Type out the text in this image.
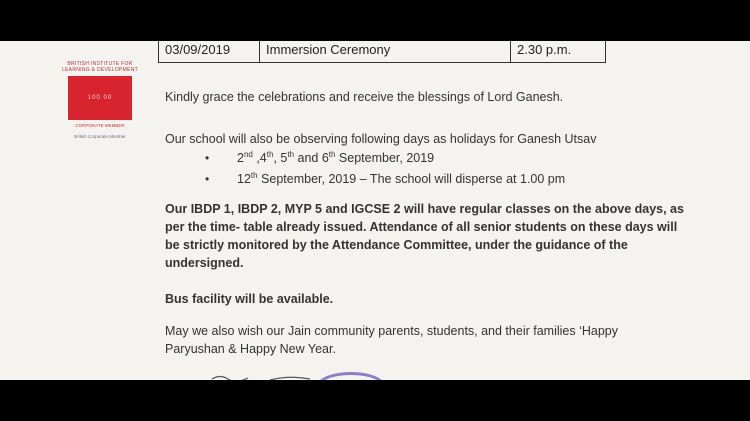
03/09/2019	Immersion Ceremony	2.30 p.m.
BRITISH INSTITUTE FOR LEARNING & DEVELOPMENT
100 00
CORPORATE MEMBER
British Corporate Member
Kindly grace the celebrations and receive the blessings of Lord Ganesh.
Our school will also be observing following days as holidays for Ganesh Utsav
•	2nd ,4th, 5th and 6th September, 2019
•	12th September, 2019 – The school will disperse at 1.00 pm
Our IBDP 1, IBDP 2, MYP 5 and IGCSE 2 will have regular classes on the above days, as per the time- table already issued. Attendance of all senior students on these days will be strictly monitored by the Attendance Committee, under the guidance of the undersigned.
Bus facility will be available.
May we also wish our Jain community parents, students, and their families ‘Happy Paryushan & Happy New Year.
